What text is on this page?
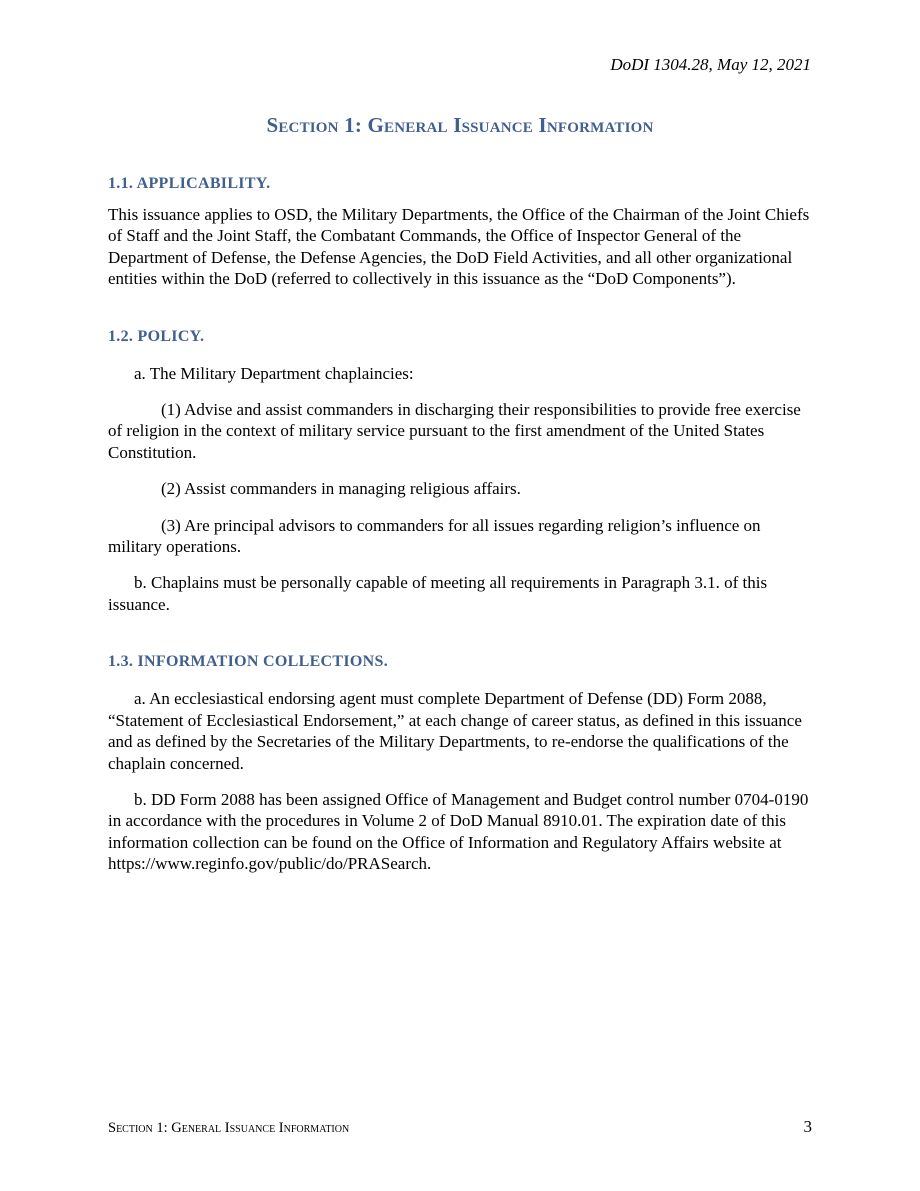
DoDI 1304.28, May 12, 2021
Section 1: General Issuance Information
1.1. APPLICABILITY.

This issuance applies to OSD, the Military Departments, the Office of the Chairman of the Joint Chiefs of Staff and the Joint Staff, the Combatant Commands, the Office of Inspector General of the Department of Defense, the Defense Agencies, the DoD Field Activities, and all other organizational entities within the DoD (referred to collectively in this issuance as the “DoD Components”).

1.2. POLICY.

a. The Military Department chaplaincies:

(1) Advise and assist commanders in discharging their responsibilities to provide free exercise of religion in the context of military service pursuant to the first amendment of the United States Constitution.

(2) Assist commanders in managing religious affairs.

(3) Are principal advisors to commanders for all issues regarding religion’s influence on military operations.

b. Chaplains must be personally capable of meeting all requirements in Paragraph 3.1. of this issuance.

1.3. INFORMATION COLLECTIONS.

a. An ecclesiastical endorsing agent must complete Department of Defense (DD) Form 2088, “Statement of Ecclesiastical Endorsement,” at each change of career status, as defined in this issuance and as defined by the Secretaries of the Military Departments, to re-endorse the qualifications of the chaplain concerned.

b. DD Form 2088 has been assigned Office of Management and Budget control number 0704-0190 in accordance with the procedures in Volume 2 of DoD Manual 8910.01. The expiration date of this information collection can be found on the Office of Information and Regulatory Affairs website at https://www.reginfo.gov/public/do/PRASearch.

Section 1: General Issuance Information	3
